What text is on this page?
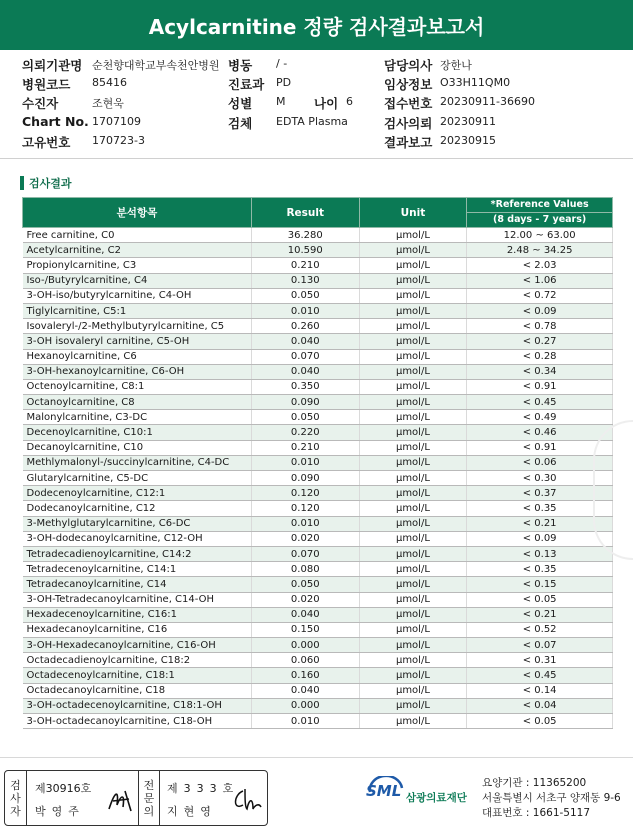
Acylcarnitine 정량 검사결과보고서
의뢰기관명 순천향대학교부속천안병원 병동 / -	담당의사 장한나
병원코드 85416	진료과 PD	임상정보 O33H11QM0
수진자	조현욱	성별 M 나이 6 접수번호 20230911-36690
Chart No. 1707109	검체 EDTA Plasma	검사의뢰 20230911
고유번호 170723-3	결과보고 20230915
검사결과
분석항목	Result	Unit	*Reference Values
(8 days - 7 years)

Free carnitine, C0	36.280	μmol/L	12.00 ~ 63.00
Acetylcarnitine, C2	10.590	μmol/L	2.48 ~ 34.25
Propionylcarnitine, C3	0.210	μmol/L	< 2.03
Iso-/Butyrylcarnitine, C4	0.130	μmol/L	< 1.06
3-OH-iso/butyrylcarnitine, C4-OH	0.050	μmol/L	< 0.72
Tiglylcarnitine, C5:1	0.010	μmol/L	< 0.09
Isovaleryl-/2-Methylbutyrylcarnitine, C5	0.260	μmol/L	< 0.78
3-OH isovaleryl carnitine, C5-OH	0.040	μmol/L	< 0.27
Hexanoylcarnitine, C6	0.070	μmol/L	< 0.28
3-OH-hexanoylcarnitine, C6-OH	0.040	μmol/L	< 0.34
Octenoylcarnitine, C8:1	0.350	μmol/L	< 0.91
Octanoylcarnitine, C8	0.090	μmol/L	< 0.45
Malonylcarnitine, C3-DC	0.050	μmol/L	< 0.49
Decenoylcarnitine, C10:1	0.220	μmol/L	< 0.46
Decanoylcarnitine, C10	0.210	μmol/L	< 0.91
Methlymalonyl-/succinylcarnitine, C4-DC	0.010	μmol/L	< 0.06
Glutarylcarnitine, C5-DC	0.090	μmol/L	< 0.30
Dodecenoylcarnitine, C12:1	0.120	μmol/L	< 0.37
Dodecanoylcarnitine, C12	0.120	μmol/L	< 0.35
3-Methylglutarylcarnitine, C6-DC	0.010	μmol/L	< 0.21
3-OH-dodecanoylcarnitine, C12-OH	0.020	μmol/L	< 0.09
Tetradecadienoylcarnitine, C14:2	0.070	μmol/L	< 0.13
Tetradecenoylcarnitine, C14:1	0.080	μmol/L	< 0.35
Tetradecanoylcarnitine, C14	0.050	μmol/L	< 0.15
3-OH-Tetradecanoylcarnitine, C14-OH	0.020	μmol/L	< 0.05
Hexadecenoylcarnitine, C16:1	0.040	μmol/L	< 0.21
Hexadecanoylcarnitine, C16	0.150	μmol/L	< 0.52
3-OH-Hexadecanoylcarnitine, C16-OH	0.000	μmol/L	< 0.07
Octadecadienoylcarnitine, C18:2	0.060	μmol/L	< 0.31
Octadecenoylcarnitine, C18:1	0.160	μmol/L	< 0.45
Octadecanoylcarnitine, C18	0.040	μmol/L	< 0.14
3-OH-octadecenoylcarnitine, C18:1-OH	0.000	μmol/L	< 0.04
3-OH-octadecanoylcarnitine, C18-OH	0.010	μmol/L	< 0.05
검
사
자
제30916호
박영주
전
문
의
제333호
지현영
SML 삼광의료재단
요양기관 : 11365200
서울특별시 서초구 양재동 9-6
대표번호 : 1661-5117
